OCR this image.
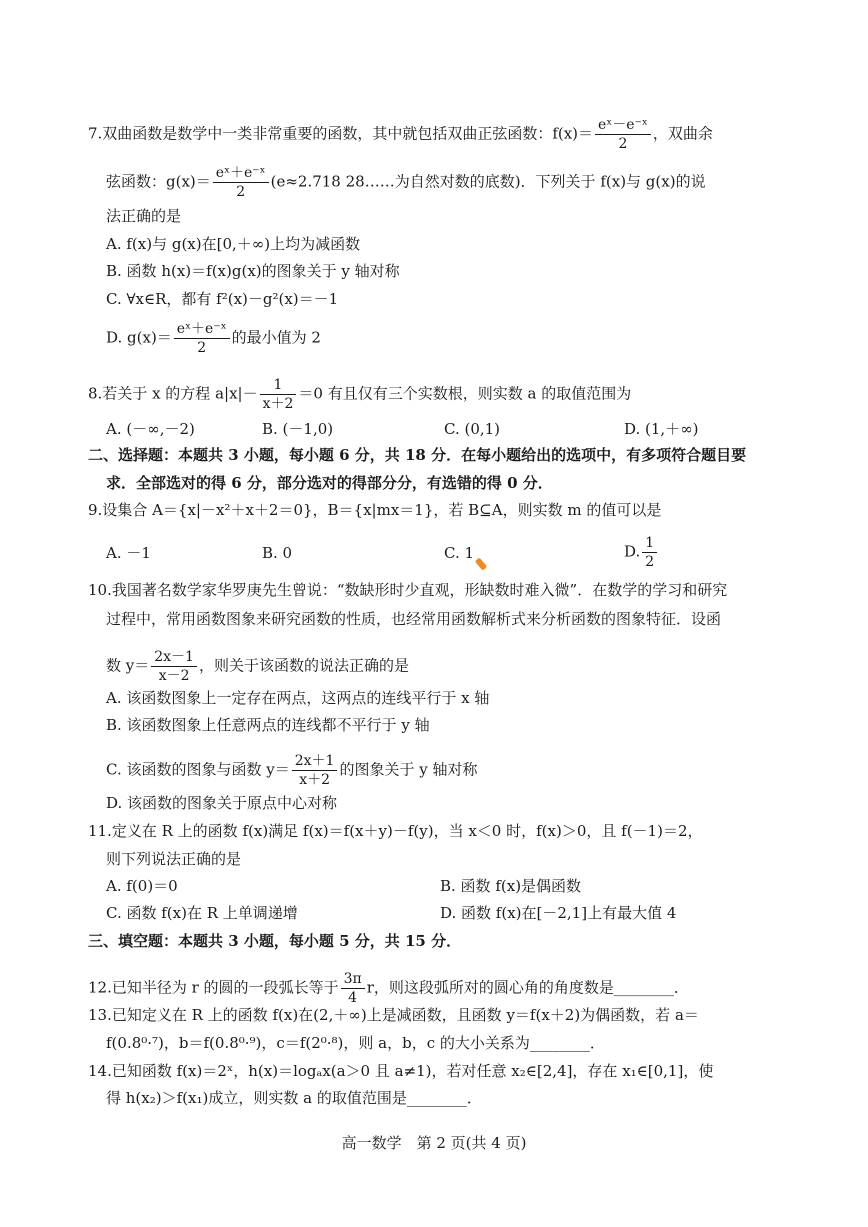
7.双曲函数是数学中一类非常重要的函数，其中就包括双曲正弦函数：$f(x)= \frac{\text{eˣ－e⁻ˣ}}{2}$ ，双曲余
弦函数：$g(x)= \frac{\text{eˣ＋e⁻ˣ}}{2} (e\approx 2.718$ 28……为自然对数的底数)．下列关于 f(x)与 g(x)的说
法正确的是
A. f(x)与 g(x)在[0,＋∞)上均为减函数
B. 函数 h(x)＝f(x)g(x)的图象关于 y 轴对称
C. ∀x∈R，都有 f²(x)－g²(x)＝－1
D. $g(x)= \frac{\text{eˣ＋e⁻ˣ}}{2}$ 的最小值为 2
8.若关于 x 的方程 $a|x|- \frac{1}{x+2} =0$ 有且仅有三个实数根，则实数 a 的取值范围为
A. (－∞,－2)	B. (－1,0)	C. (0,1)	D. (1,＋∞)
二、选择题：本题共 3 小题，每小题 6 分，共 18 分．在每小题给出的选项中，有多项符合题目要
求．全部选对的得 6 分，部分选对的得部分分，有选错的得 0 分．
9.设集合 A＝{x|－x²＋x＋2＝0}，B＝{x|mx＝1}，若 B⊆A，则实数 m 的值可以是
A. －1	B. 0	C. 1	D. $\frac{1}{2}$
10.我国著名数学家华罗庚先生曾说：“数缺形时少直观，形缺数时难入微”．在数学的学习和研究
过程中，常用函数图象来研究函数的性质，也经常用函数解析式来分析函数的图象特征．设函
数 $y= \frac{2x-1}{x-2}$ ，则关于该函数的说法正确的是
A. 该函数图象上一定存在两点，这两点的连线平行于 x 轴
B. 该函数图象上任意两点的连线都不平行于 y 轴
C. 该函数的图象与函数 $y= \frac{2x+1}{x+2}$ 的图象关于 y 轴对称
D. 该函数的图象关于原点中心对称
11.定义在 R 上的函数 f(x)满足 f(x)＝f(x＋y)－f(y)，当 x＜0 时，f(x)＞0，且 f(－1)＝2，
则下列说法正确的是
A. f(0)＝0	B. 函数 f(x)是偶函数
C. 函数 f(x)在 R 上单调递增	D. 函数 f(x)在[－2,1]上有最大值 4
三、填空题：本题共 3 小题，每小题 5 分，共 15 分．
12.已知半径为 r 的圆的一段弧长等于 $\frac{3\pi}{4}$ r，则这段弧所对的圆心角的角度数是________．
13.已知定义在 R 上的函数 f(x)在(2,＋∞)上是减函数，且函数 y＝f(x＋2)为偶函数，若 a＝
f(0.8⁰·⁷)，b＝f(0.8⁰·⁹)，c＝f(2⁰·⁸)，则 a，b，c 的大小关系为________．
14.已知函数 f(x)＝2ˣ，h(x)＝logₐx(a＞0 且 a≠1)，若对任意 x₂∈[2,4]，存在 x₁∈[0,1]，使
得 h(x₂)＞f(x₁)成立，则实数 a 的取值范围是________．
高一数学　第 2 页(共 4 页)
